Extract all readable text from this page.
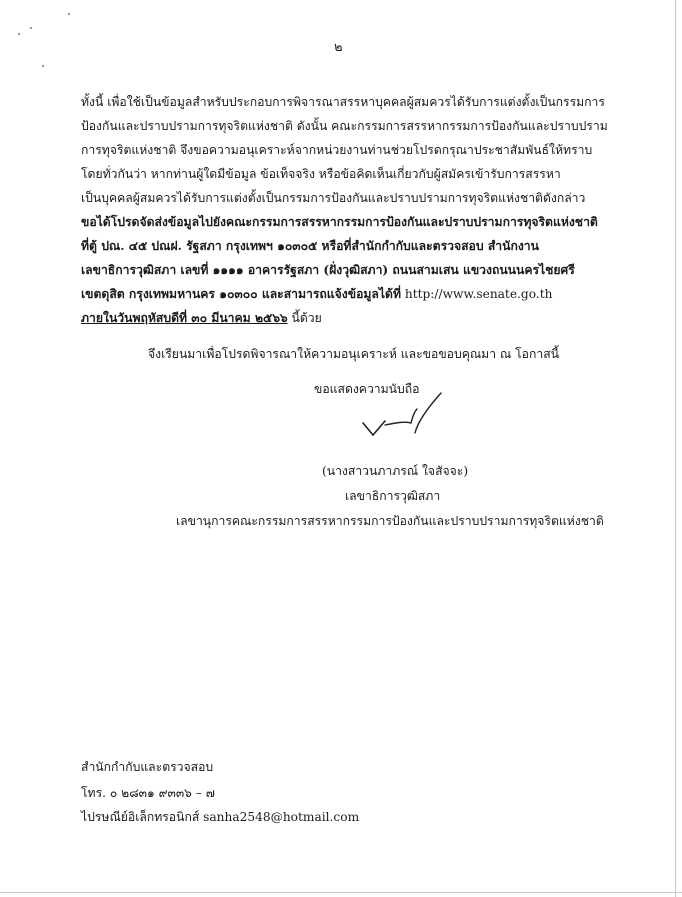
๒
ทั้งนี้ เพื่อใช้เป็นข้อมูลสำหรับประกอบการพิจารณาสรรหาบุคคลผู้สมควรได้รับการแต่งตั้งเป็นกรรมการ
ป้องกันและปราบปรามการทุจริตแห่งชาติ ดังนั้น คณะกรรมการสรรหากรรมการป้องกันและปราบปราม
การทุจริตแห่งชาติ จึงขอความอนุเคราะห์จากหน่วยงานท่านช่วยโปรดกรุณาประชาสัมพันธ์ให้ทราบ
โดยทั่วกันว่า หากท่านผู้ใดมีข้อมูล ข้อเท็จจริง หรือข้อคิดเห็นเกี่ยวกับผู้สมัครเข้ารับการสรรหา
เป็นบุคคลผู้สมควรได้รับการแต่งตั้งเป็นกรรมการป้องกันและปราบปรามการทุจริตแห่งชาติดังกล่าว
ขอได้โปรดจัดส่งข้อมูลไปยังคณะกรรมการสรรหากรรมการป้องกันและปราบปรามการทุจริตแห่งชาติ
ที่ตู้ ปณ. ๔๕ ปณฝ. รัฐสภา กรุงเทพฯ ๑๐๓๐๕ หรือที่สำนักกำกับและตรวจสอบ สำนักงาน
เลขาธิการวุฒิสภา เลขที่ ๑๑๑๑ อาคารรัฐสภา (ฝั่งวุฒิสภา) ถนนสามเสน แขวงถนนนครไชยศรี
เขตดุสิต กรุงเทพมหานคร ๑๐๓๐๐ และสามารถแจ้งข้อมูลได้ที่ http://www.senate.go.th
ภายในวันพฤหัสบดีที่ ๓๐ มีนาคม ๒๕๖๖ นี้ด้วย
จึงเรียนมาเพื่อโปรดพิจารณาให้ความอนุเคราะห์ และขอขอบคุณมา ณ โอกาสนี้
ขอแสดงความนับถือ
(นางสาวนภาภรณ์ ใจสัจจะ)
เลขาธิการวุฒิสภา
เลขานุการคณะกรรมการสรรหากรรมการป้องกันและปราบปรามการทุจริตแห่งชาติ
สำนักกำกับและตรวจสอบ
โทร. ๐ ๒๘๓๑ ๙๓๓๖ – ๗
ไปรษณีย์อิเล็กทรอนิกส์ sanha2548@hotmail.com
